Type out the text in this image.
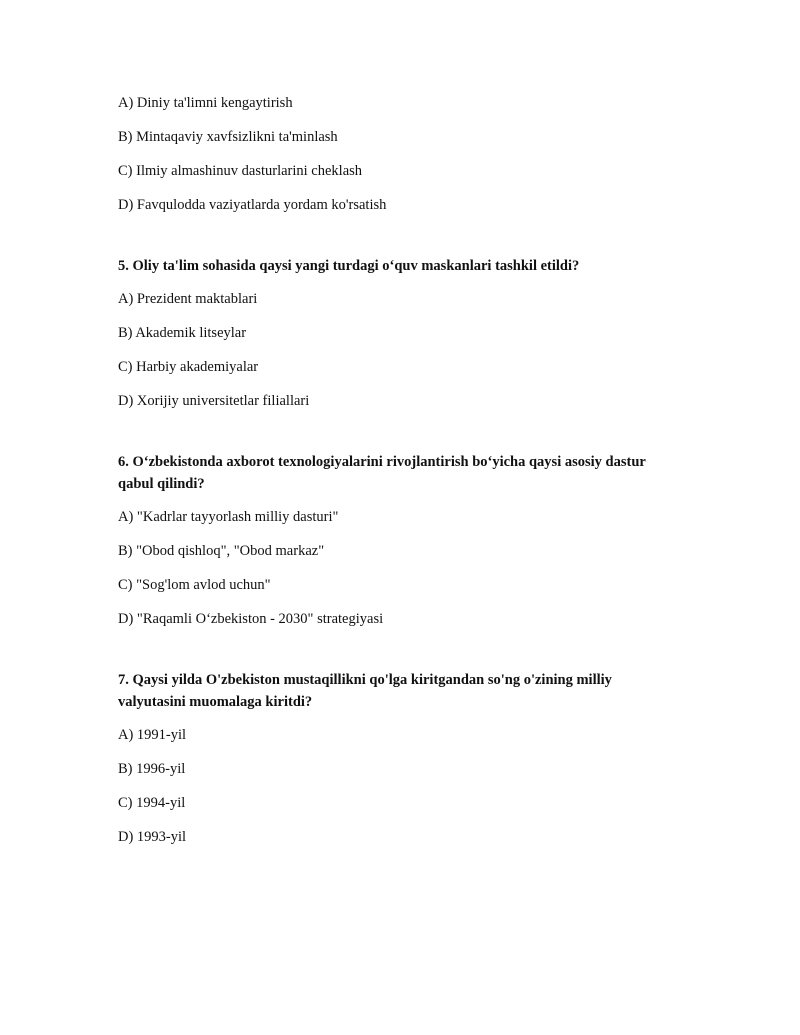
A) Diniy ta'limni kengaytirish

B) Mintaqaviy xavfsizlikni ta'minlash

C) Ilmiy almashinuv dasturlarini cheklash

D) Favqulodda vaziyatlarda yordam ko'rsatish

5. Oliy ta'lim sohasida qaysi yangi turdagi o‘quv maskanlari tashkil etildi?

A) Prezident maktablari

B) Akademik litseylar

C) Harbiy akademiyalar

D) Xorijiy universitetlar filiallari

6. O‘zbekistonda axborot texnologiyalarini rivojlantirish bo‘yicha qaysi asosiy dastur qabul qilindi?

A) "Kadrlar tayyorlash milliy dasturi"

B) "Obod qishloq", "Obod markaz"

C) "Sog'lom avlod uchun"

D) "Raqamli O‘zbekiston - 2030" strategiyasi

7. Qaysi yilda O'zbekiston mustaqillikni qo'lga kiritgandan so'ng o'zining milliy valyutasini muomalaga kiritdi?

A) 1991-yil

B) 1996-yil

C) 1994-yil

D) 1993-yil
